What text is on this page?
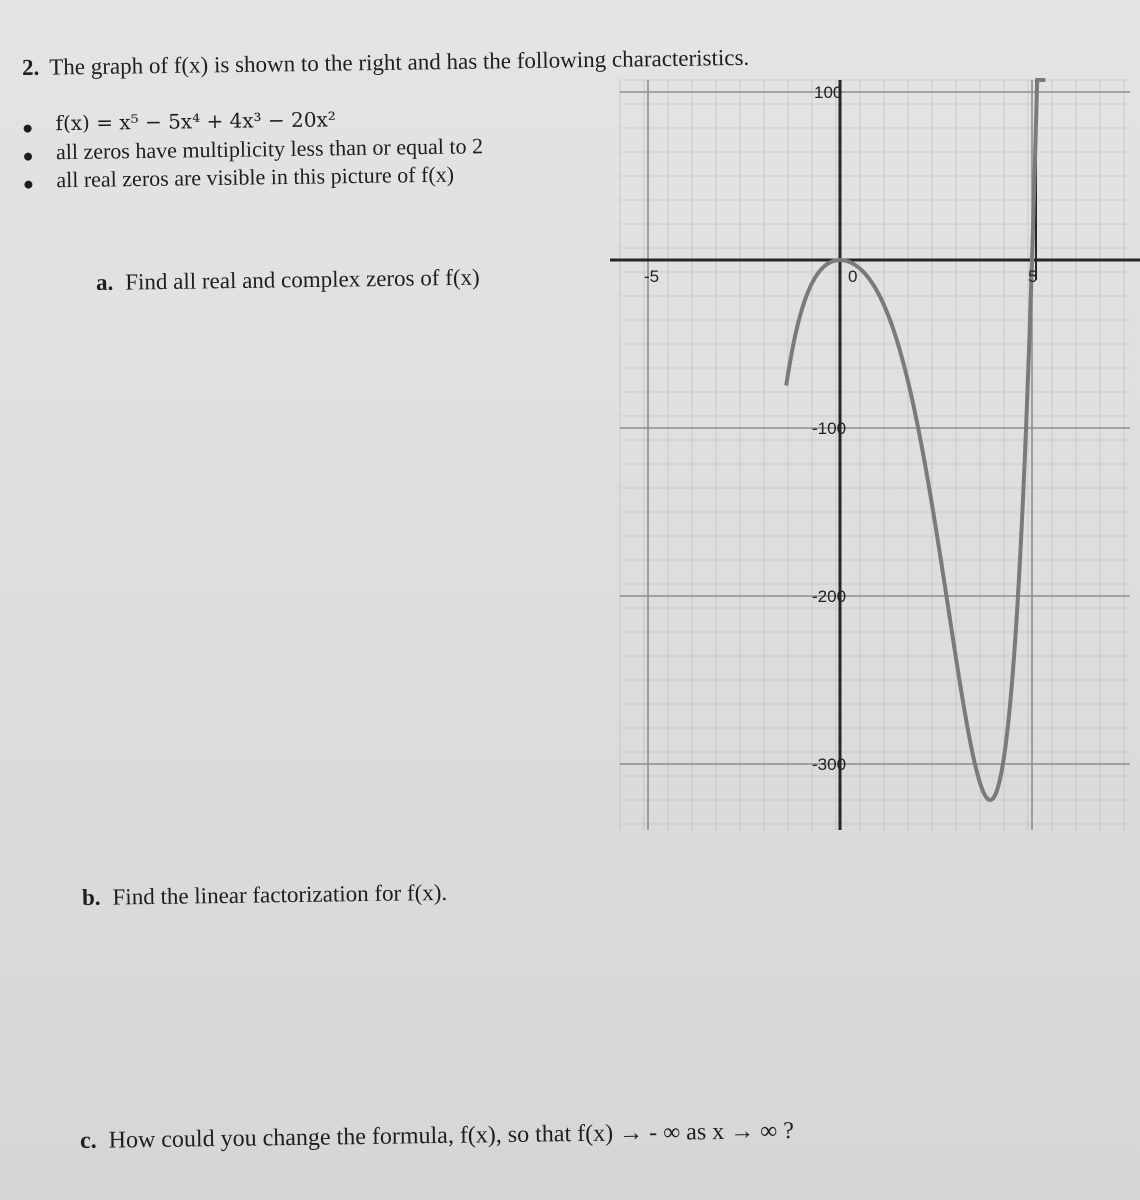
2. The graph of f(x) is shown to the right and has the following characteristics.
f(x) = x⁵ − 5x⁴ + 4x³ − 20x²
all zeros have multiplicity less than or equal to 2
all real zeros are visible in this picture of f(x)
a. Find all real and complex zeros of f(x)	-5	0	5
100
-100
-200
-300
b. Find the linear factorization for f(x).
c. How could you change the formula, f(x), so that f(x) → - ∞ as x → ∞ ?
